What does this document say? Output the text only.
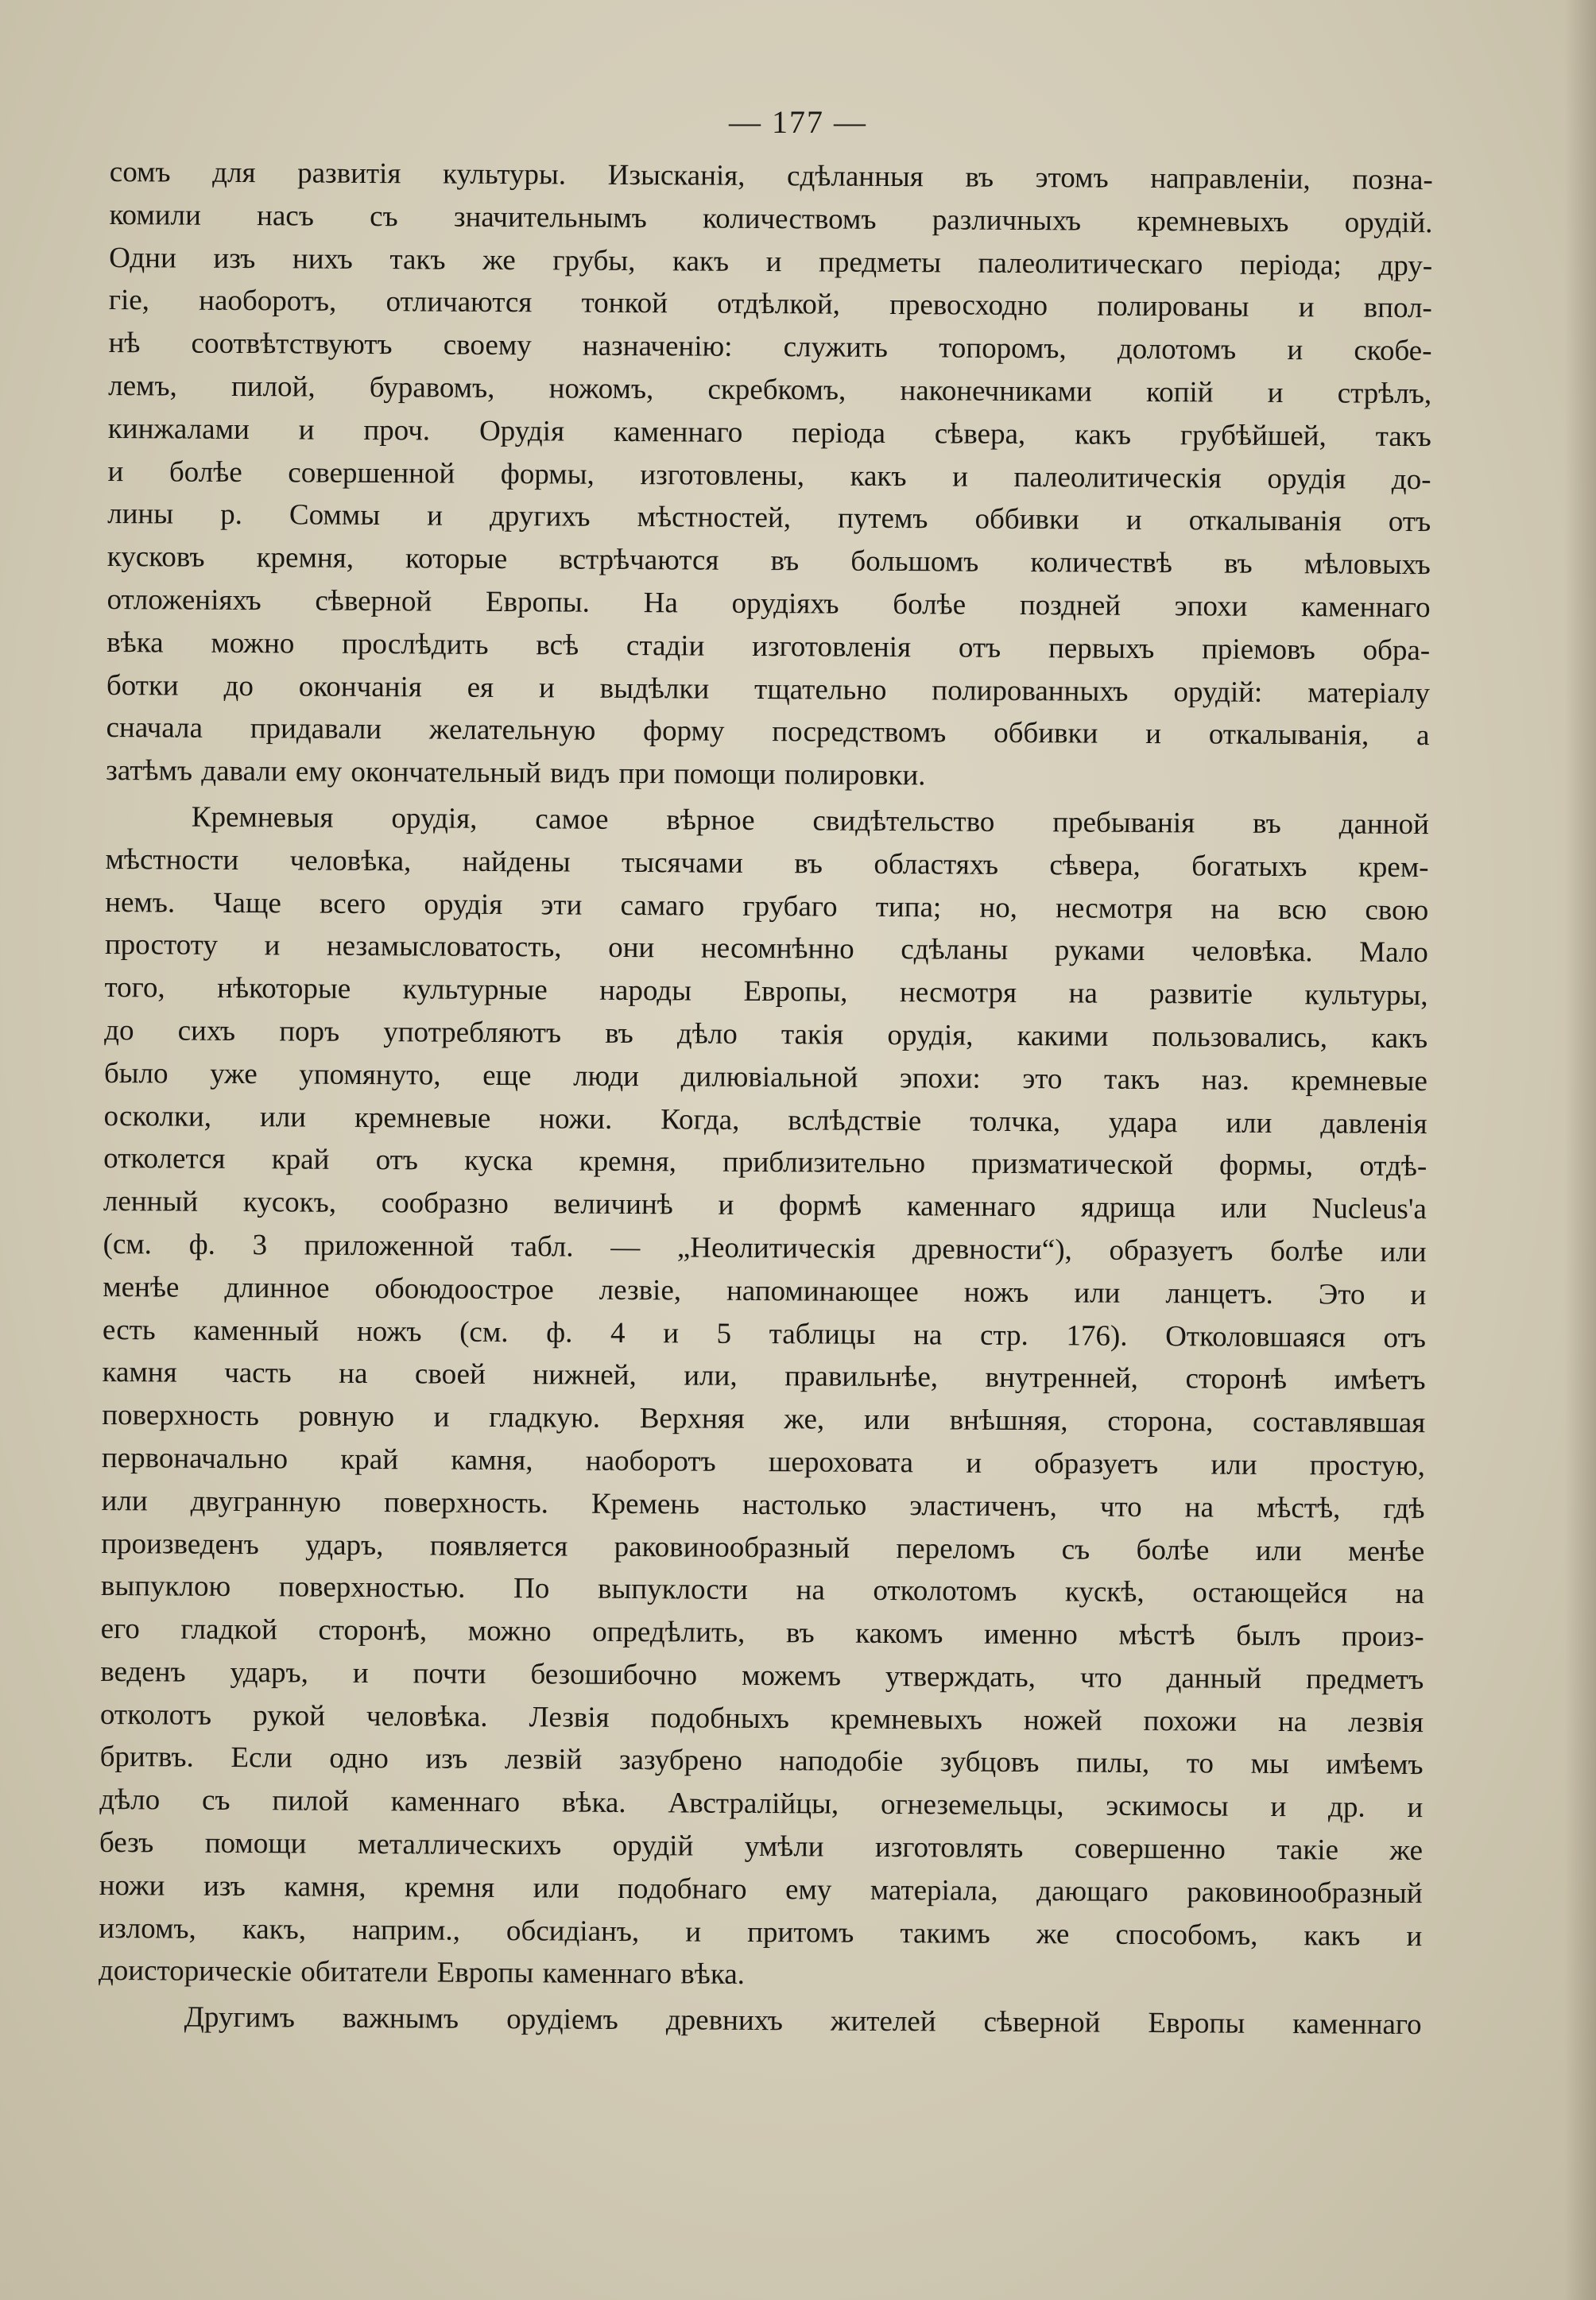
— 177 —

сомъ для развитія культуры. Изысканія, сдѣланныя въ этомъ направленіи, позна-

комили насъ съ значительнымъ количествомъ различныхъ кремневыхъ орудій.

Одни изъ нихъ такъ же грубы, какъ и предметы палеолитическаго періода; дру-

гіе, наоборотъ, отличаются тонкой отдѣлкой, превосходно полированы и впол-

нѣ соотвѣтствуютъ своему назначенію: служить топоромъ, долотомъ и скобе-

лемъ, пилой, буравомъ, ножомъ, скребкомъ, наконечниками копій и стрѣлъ,

кинжалами и проч. Орудія каменнаго періода сѣвера, какъ грубѣйшей, такъ

и болѣе совершенной формы, изготовлены, какъ и палеолитическія орудія до-

лины р. Соммы и другихъ мѣстностей, путемъ оббивки и откалыванія отъ

кусковъ кремня, которые встрѣчаются въ большомъ количествѣ въ мѣловыхъ

отложеніяхъ сѣверной Европы. На орудіяхъ болѣе поздней эпохи каменнаго

вѣка можно прослѣдить всѣ стадіи изготовленія отъ первыхъ пріемовъ обра-

ботки до окончанія ея и выдѣлки тщательно полированныхъ орудій: матеріалу

сначала придавали желательную форму посредствомъ оббивки и откалыванія, а

затѣмъ давали ему окончательный видъ при помощи полировки.

Кремневыя орудія, самое вѣрное свидѣтельство пребыванія въ данной

мѣстности человѣка, найдены тысячами въ областяхъ сѣвера, богатыхъ крем-

немъ. Чаще всего орудія эти самаго грубаго типа; но, несмотря на всю свою

простоту и незамысловатость, они несомнѣнно сдѣланы руками человѣка. Мало

того, нѣкоторые культурные народы Европы, несмотря на развитіе культуры,

до сихъ поръ употребляютъ въ дѣло такія орудія, какими пользовались, какъ

было уже упомянуто, еще люди дилювіальной эпохи: это такъ наз. кремневые

осколки, или кремневые ножи. Когда, вслѣдствіе толчка, удара или давленія

отколется край отъ куска кремня, приблизительно призматической формы, отдѣ-

ленный кусокъ, сообразно величинѣ и формѣ каменнаго ядрища или Nucleus'а

(см. ф. 3 приложенной табл. — „Неолитическія древности“), образуетъ болѣе или

менѣе длинное обоюдоострое лезвіе, напоминающее ножъ или ланцетъ. Это и

есть каменный ножъ (см. ф. 4 и 5 таблицы на стр. 176). Отколовшаяся отъ

камня часть на своей нижней, или, правильнѣе, внутренней, сторонѣ имѣетъ

поверхность ровную и гладкую. Верхняя же, или внѣшняя, сторона, составлявшая

первоначально край камня, наоборотъ шероховата и образуетъ или простую,

или двугранную поверхность. Кремень настолько эластиченъ, что на мѣстѣ, гдѣ

произведенъ ударъ, появляется раковинообразный переломъ съ болѣе или менѣе

выпуклою поверхностью. По выпуклости на отколотомъ кускѣ, остающейся на

его гладкой сторонѣ, можно опредѣлить, въ какомъ именно мѣстѣ былъ произ-

веденъ ударъ, и почти безошибочно можемъ утверждать, что данный предметъ

отколотъ рукой человѣка. Лезвія подобныхъ кремневыхъ ножей похожи на лезвія

бритвъ. Если одно изъ лезвій зазубрено наподобіе зубцовъ пилы, то мы имѣемъ

дѣло съ пилой каменнаго вѣка. Австралійцы, огнеземельцы, эскимосы и др. и

безъ помощи металлическихъ орудій умѣли изготовлять совершенно такіе же

ножи изъ камня, кремня или подобнаго ему матеріала, дающаго раковинообразный

изломъ, какъ, наприм., обсидіанъ, и притомъ такимъ же способомъ, какъ и

доисторическіе обитатели Европы каменнаго вѣка.

Другимъ важнымъ орудіемъ древнихъ жителей сѣверной Европы каменнаго
